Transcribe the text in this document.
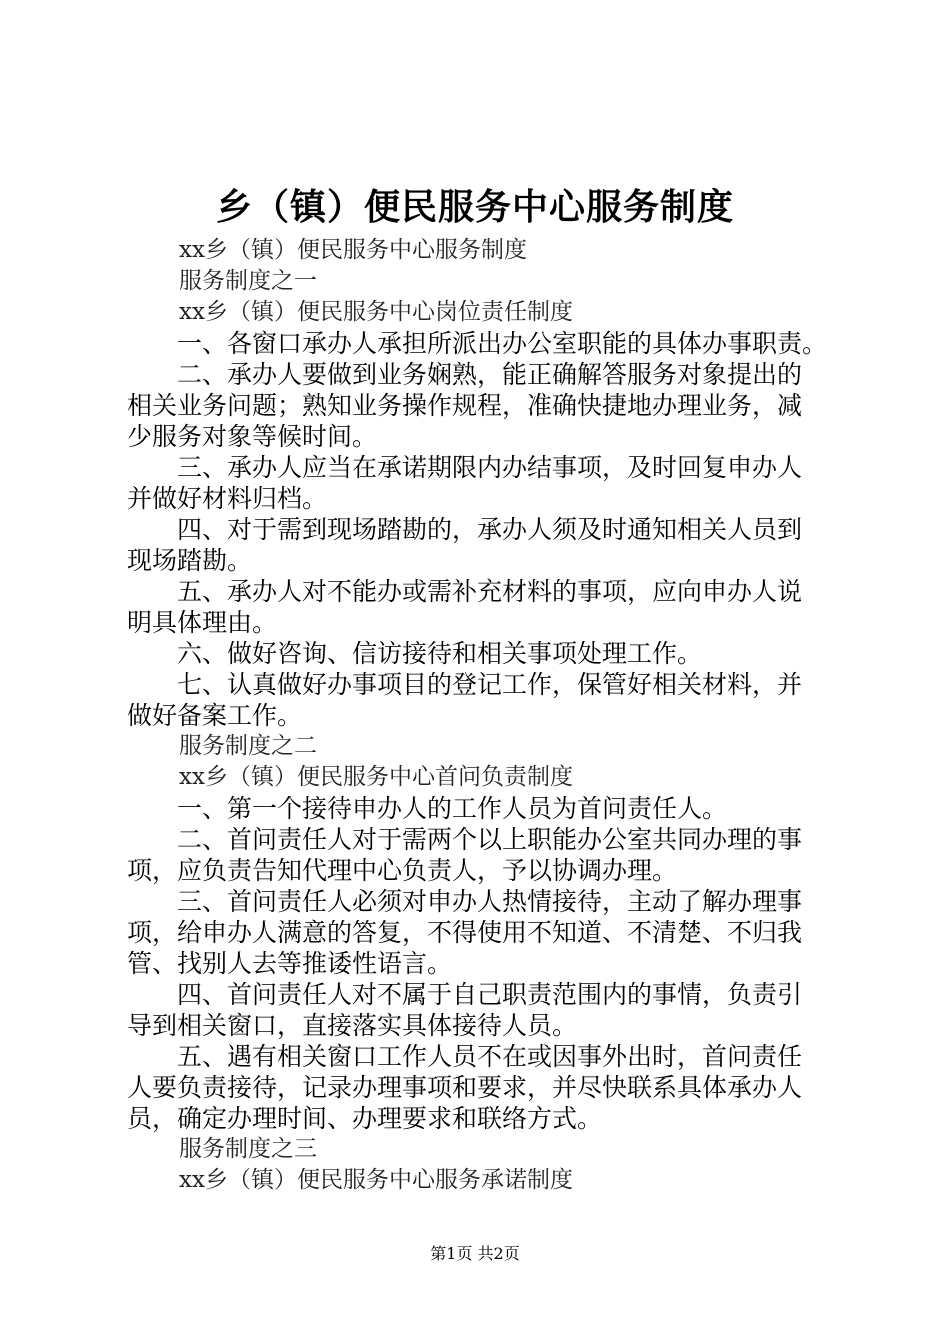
乡（镇）便民服务中心服务制度

xx乡（镇）便民服务中心服务制度

服务制度之一

xx乡（镇）便民服务中心岗位责任制度

一、各窗口承办人承担所派出办公室职能的具体办事职责。

二、承办人要做到业务娴熟，能正确解答服务对象提出的

相关业务问题；熟知业务操作规程，准确快捷地办理业务，减

少服务对象等候时间。

三、承办人应当在承诺期限内办结事项，及时回复申办人

并做好材料归档。

四、对于需到现场踏勘的，承办人须及时通知相关人员到

现场踏勘。

五、承办人对不能办或需补充材料的事项，应向申办人说

明具体理由。

六、做好咨询、信访接待和相关事项处理工作。

七、认真做好办事项目的登记工作，保管好相关材料，并

做好备案工作。

服务制度之二

xx乡（镇）便民服务中心首问负责制度

一、第一个接待申办人的工作人员为首问责任人。

二、首问责任人对于需两个以上职能办公室共同办理的事

项，应负责告知代理中心负责人，予以协调办理。

三、首问责任人必须对申办人热情接待，主动了解办理事

项，给申办人满意的答复，不得使用不知道、不清楚、不归我

管、找别人去等推诿性语言。

四、首问责任人对不属于自己职责范围内的事情，负责引

导到相关窗口，直接落实具体接待人员。

五、遇有相关窗口工作人员不在或因事外出时，首问责任

人要负责接待，记录办理事项和要求，并尽快联系具体承办人

员，确定办理时间、办理要求和联络方式。

服务制度之三

xx乡（镇）便民服务中心服务承诺制度

第1页 共2页
